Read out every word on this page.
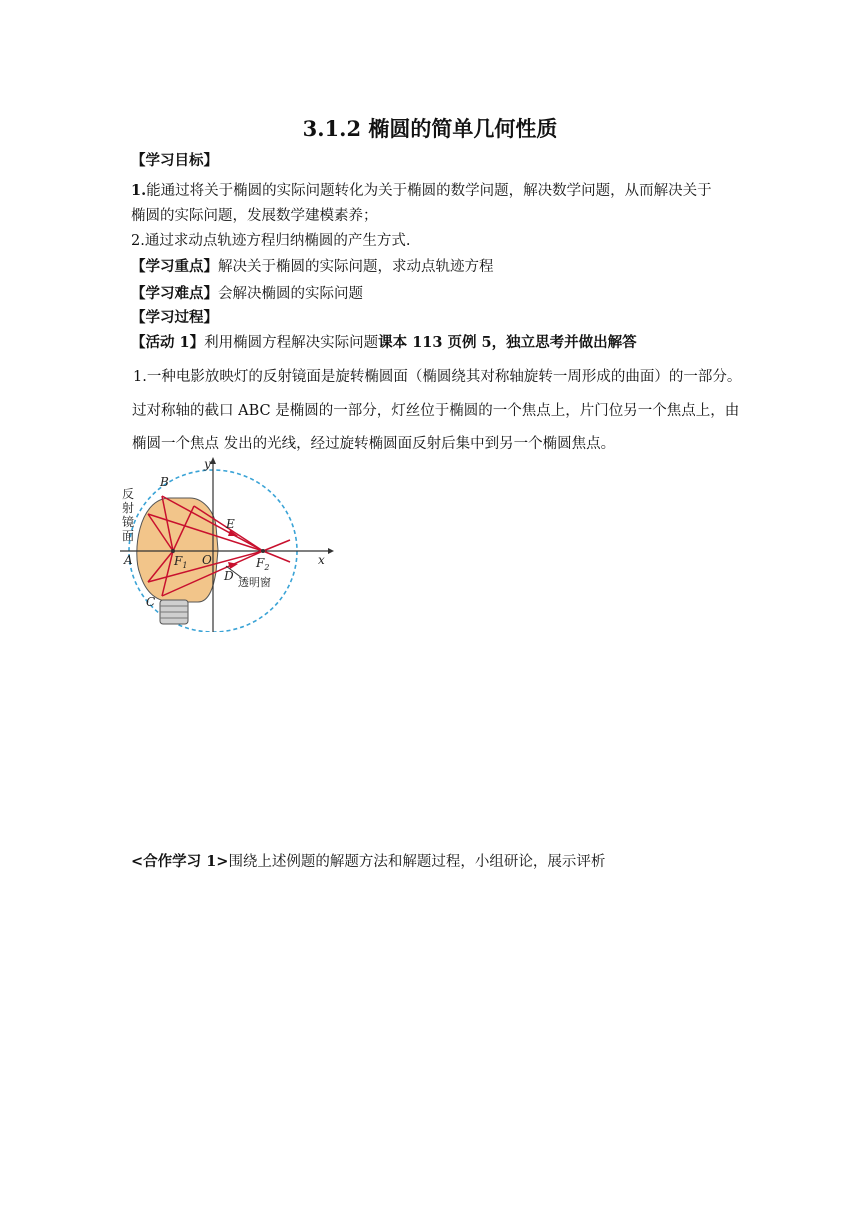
3.1.2 椭圆的简单几何性质
【学习目标】
1.能通过将关于椭圆的实际问题转化为关于椭圆的数学问题，解决数学问题，从而解决关于
椭圆的实际问题，发展数学建模素养；
2.通过求动点轨迹方程归纳椭圆的产生方式.
【学习重点】解决关于椭圆的实际问题，求动点轨迹方程
【学习难点】会解决椭圆的实际问题
【学习过程】
【活动 1】利用椭圆方程解决实际问题课本 113 页例 5，独立思考并做出解答
1.一种电影放映灯的反射镜面是旋转椭圆面（椭圆绕其对称轴旋转一周形成的曲面）的一部分。
过对称轴的截口 ABC 是椭圆的一部分，灯丝位于椭圆的一个焦点上，片门位另一个焦点上，由
椭圆一个焦点 发出的光线，经过旋转椭圆面反射后集中到另一个椭圆焦点。
反
射
镜
面
B
A
C
E
D
O
$F_1$	$F_2$
x
y
透明窗
<合作学习 1>围绕上述例题的解题方法和解题过程，小组研论，展示评析
